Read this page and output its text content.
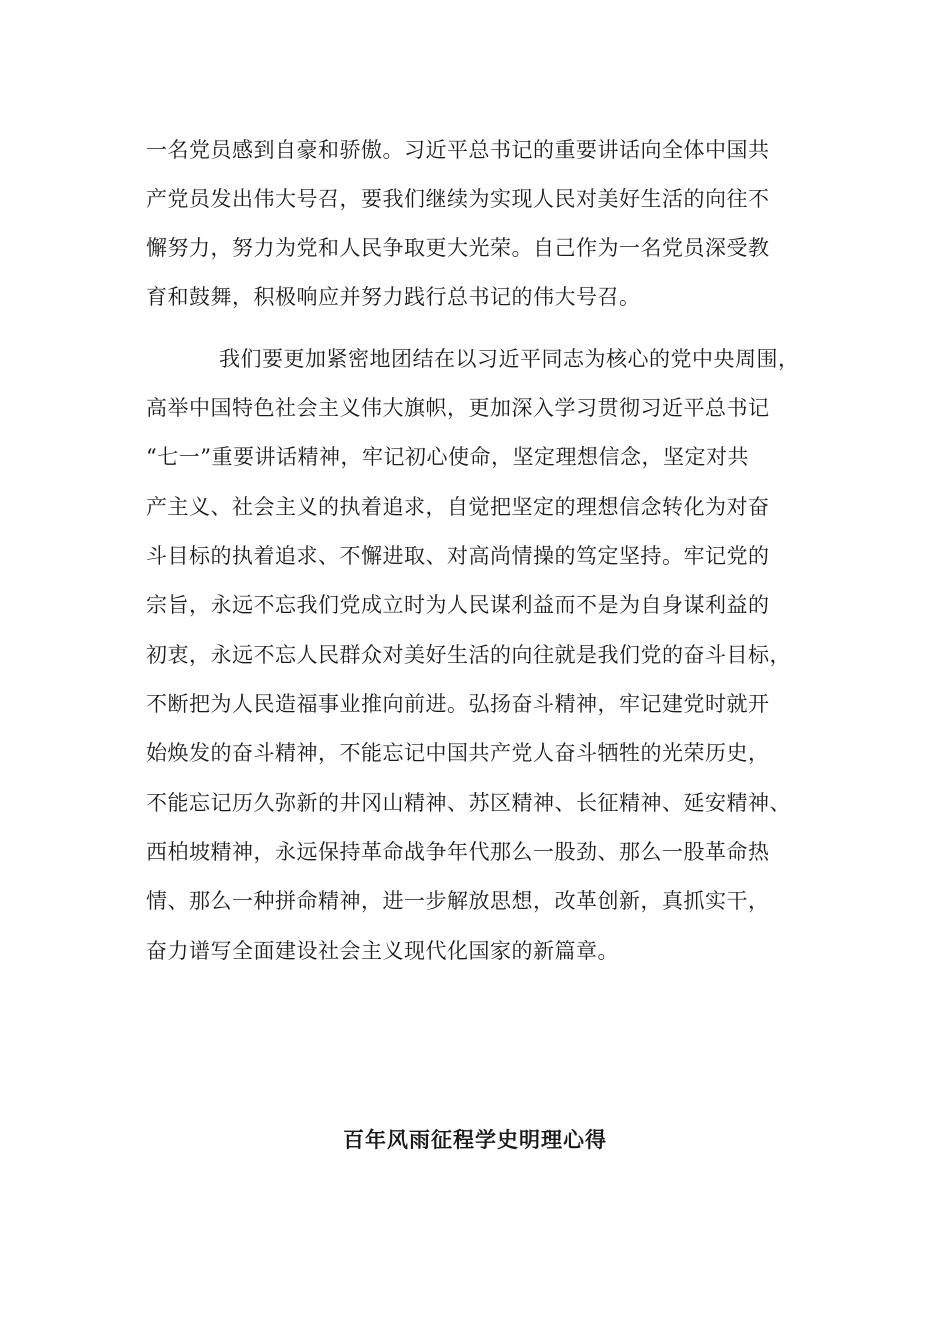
一名党员感到自豪和骄傲。习近平总书记的重要讲话向全体中国共
产党员发出伟大号召，要我们继续为实现人民对美好生活的向往不
懈努力，努力为党和人民争取更大光荣。自己作为一名党员深受教
育和鼓舞，积极响应并努力践行总书记的伟大号召。
我们要更加紧密地团结在以习近平同志为核心的党中央周围，
高举中国特色社会主义伟大旗帜，更加深入学习贯彻习近平总书记
“七一”重要讲话精神，牢记初心使命，坚定理想信念，坚定对共
产主义、社会主义的执着追求，自觉把坚定的理想信念转化为对奋
斗目标的执着追求、不懈进取、对高尚情操的笃定坚持。牢记党的
宗旨，永远不忘我们党成立时为人民谋利益而不是为自身谋利益的
初衷，永远不忘人民群众对美好生活的向往就是我们党的奋斗目标，
不断把为人民造福事业推向前进。弘扬奋斗精神，牢记建党时就开
始焕发的奋斗精神，不能忘记中国共产党人奋斗牺牲的光荣历史，
不能忘记历久弥新的井冈山精神、苏区精神、长征精神、延安精神、
西柏坡精神，永远保持革命战争年代那么一股劲、那么一股革命热
情、那么一种拼命精神，进一步解放思想，改革创新，真抓实干，
奋力谱写全面建设社会主义现代化国家的新篇章。
百年风雨征程学史明理心得
